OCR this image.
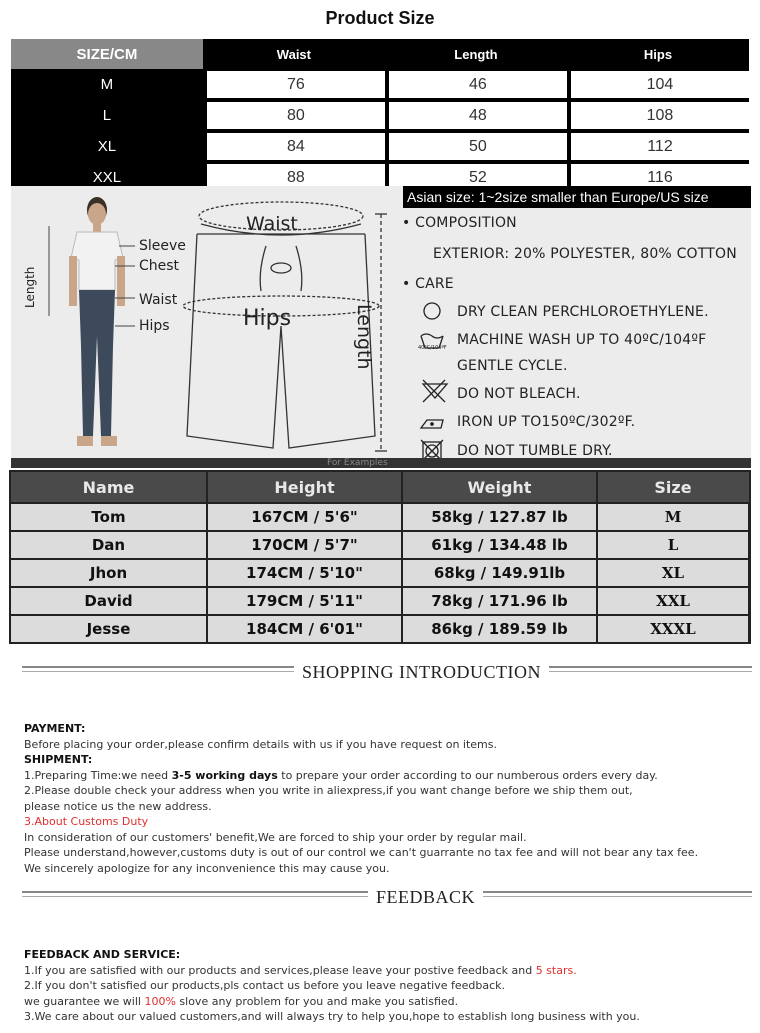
Product Size
SIZE/CM	Waist	Length	Hips
M	76	46	104
L	80	48	108
XL	84	50	112
XXL	88	52	116
40ºC/104ºF
Asian size: 1~2size smaller than Europe/US size
Length
Sleeve
Chest
Waist
Hips
Waist
Hips	Length
• COMPOSITION
EXTERIOR: 20% POLYESTER, 80% COTTON
• CARE
DRY CLEAN PERCHLOROETHYLENE.
MACHINE WASH UP TO 40ºC/104ºF
GENTLE CYCLE.
DO NOT BLEACH.
IRON UP TO150ºC/302ºF.
DO NOT TUMBLE DRY.
For Examples
Name	Height	Weight	Size
Tom	167CM / 5'6"	58kg / 127.87 lb	M
Dan	170CM / 5'7"	61kg / 134.48 lb	L
Jhon	174CM / 5'10"	68kg / 149.91lb	XL
David	179CM / 5'11"	78kg / 171.96 lb	XXL
Jesse	184CM / 6'01"	86kg / 189.59 lb	XXXL
SHOPPING INTRODUCTION
PAYMENT:
Before placing your order,please confirm details with us if you have request on items.
SHIPMENT:
1.Preparing Time:we need 3-5 working days to prepare your order according to our numberous orders every day.
2.Please double check your address when you write in aliexpress,if you want change before we ship them out,
please notice us the new address.
3.About Customs Duty
In consideration of our customers' benefit,We are forced to ship your order by regular mail.
Please understand,however,customs duty is out of our control we can't guarrante no tax fee and will not bear any tax fee.
We sincerely apologize for any inconvenience this may cause you.
FEEDBACK
FEEDBACK AND SERVICE:
1.If you are satisfied with our products and services,please leave your postive feedback and 5 stars.
2.If you don't satisfied our products,pls contact us before you leave negative feedback.
we guarantee we will 100% slove any problem for you and make you satisfied.
3.We care about our valued customers,and will always try to help you,hope to establish long business with you.
